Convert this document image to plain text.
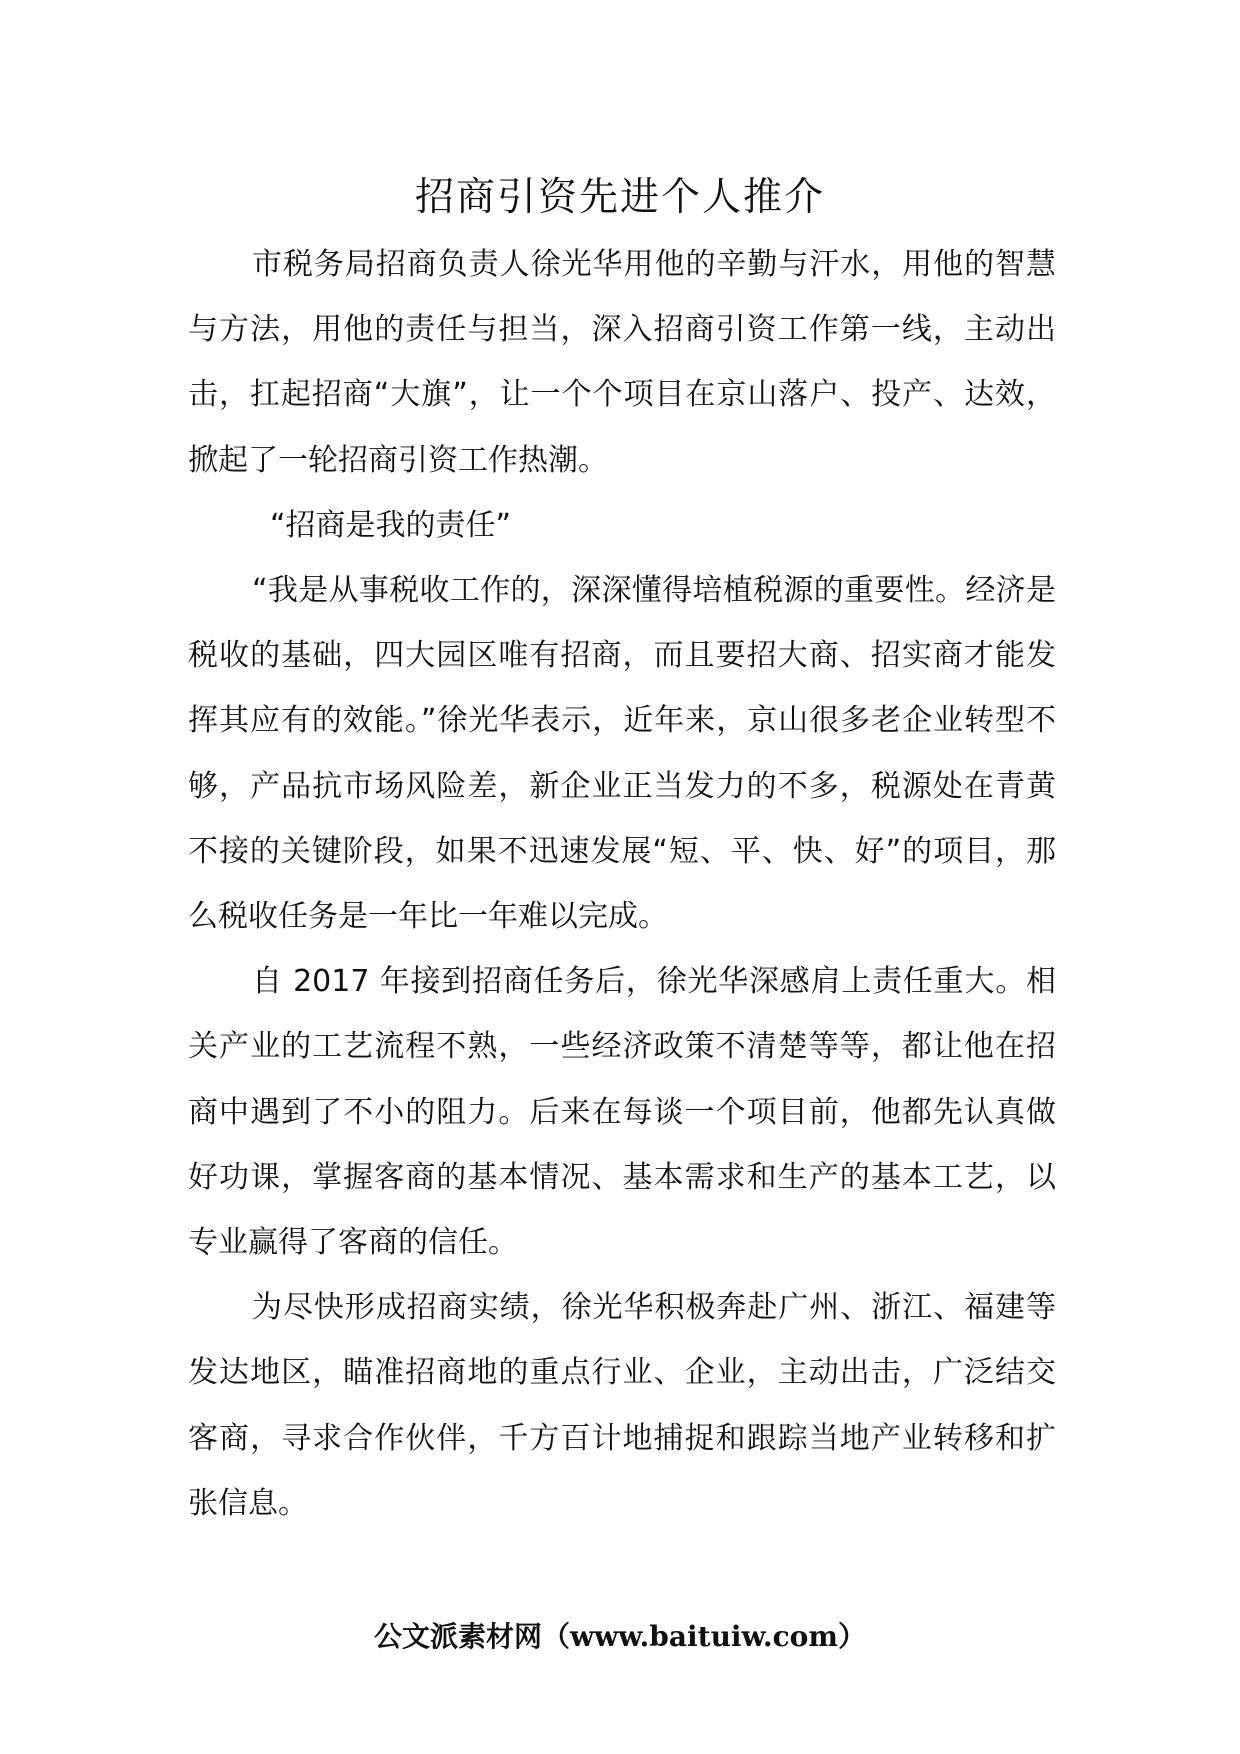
招商引资先进个人推介

市税务局招商负责人徐光华用他的辛勤与汗水，用他的智慧与方法，用他的责任与担当，深入招商引资工作第一线，主动出击，扛起招商“大旗”，让一个个项目在京山落户、投产、达效，掀起了一轮招商引资工作热潮。

“招商是我的责任”

“我是从事税收工作的，深深懂得培植税源的重要性。经济是税收的基础，四大园区唯有招商，而且要招大商、招实商才能发挥其应有的效能。”徐光华表示，近年来，京山很多老企业转型不够，产品抗市场风险差，新企业正当发力的不多，税源处在青黄不接的关键阶段，如果不迅速发展“短、平、快、好”的项目，那么税收任务是一年比一年难以完成。

自 2017 年接到招商任务后，徐光华深感肩上责任重大。相关产业的工艺流程不熟，一些经济政策不清楚等等，都让他在招商中遇到了不小的阻力。后来在每谈一个项目前，他都先认真做好功课，掌握客商的基本情况、基本需求和生产的基本工艺，以专业赢得了客商的信任。

为尽快形成招商实绩，徐光华积极奔赴广州、浙江、福建等发达地区，瞄准招商地的重点行业、企业，主动出击，广泛结交客商，寻求合作伙伴，千方百计地捕捉和跟踪当地产业转移和扩张信息。

公文派素材网（www.baituiw.com）
